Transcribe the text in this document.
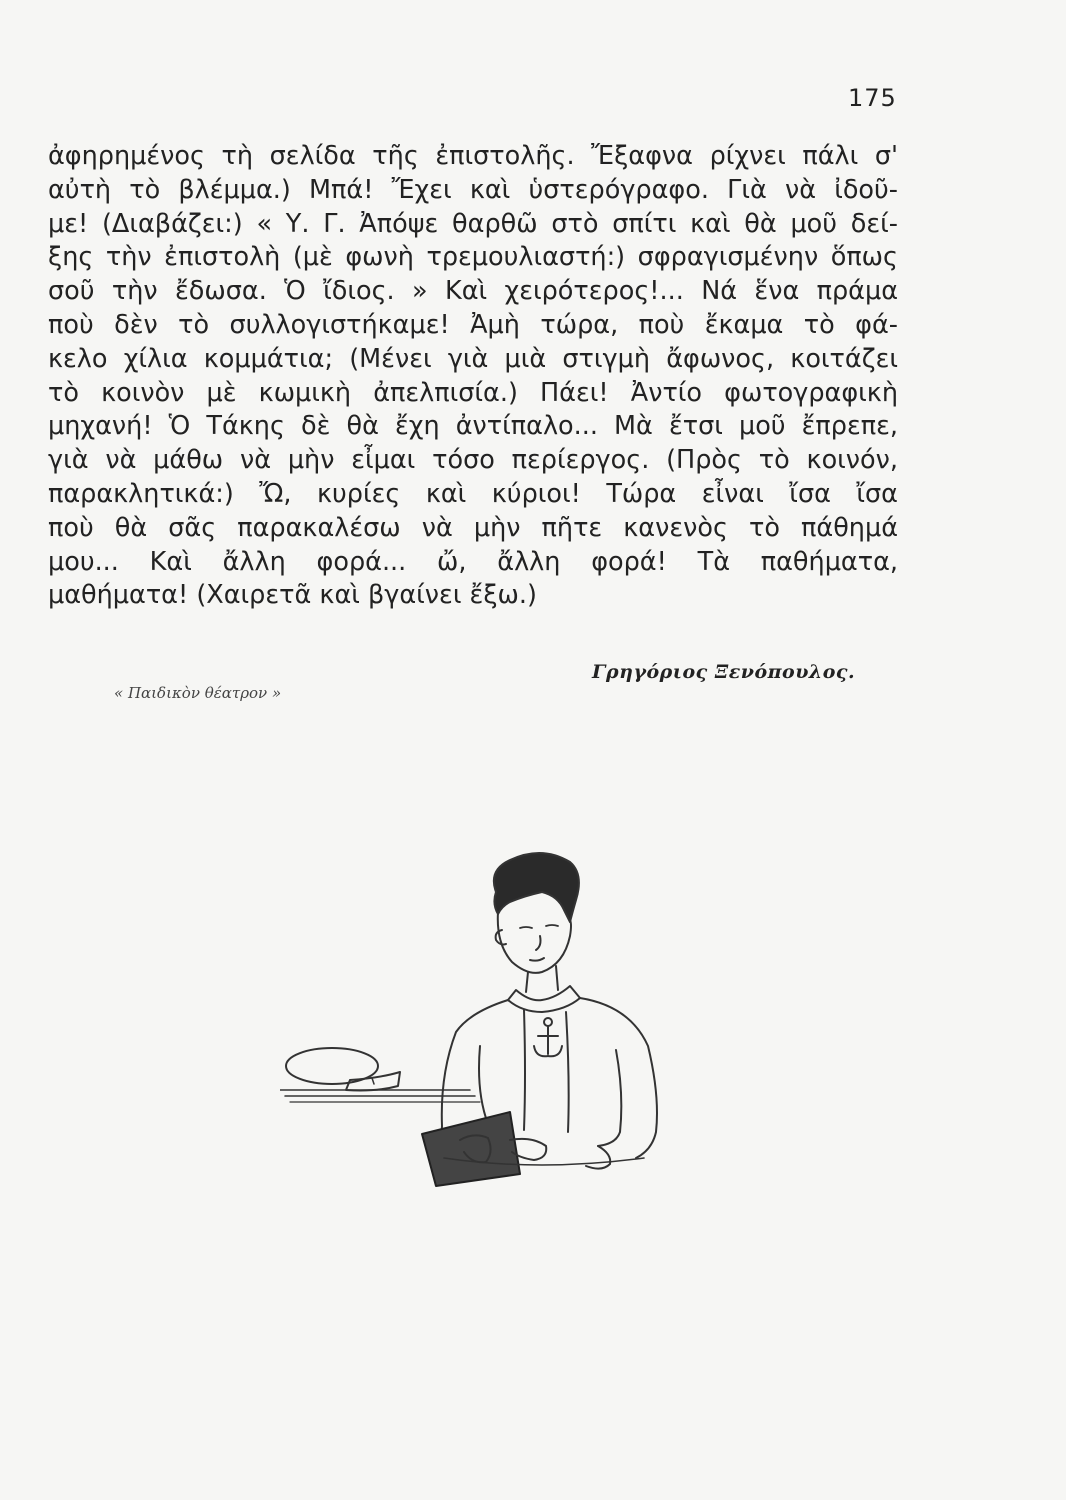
175
ἀφηρημένος τὴ σελίδα τῆς ἐπιστολῆς. Ἔξαφνα ρίχνει πάλι σ'
αὐτὴ τὸ βλέμμα.) Μπά! Ἔχει καὶ ὑστερόγραφο. Γιὰ νὰ ἰδοῦ-
με! (Διαβάζει:) « Υ. Γ. Ἀπόψε θαρθῶ στὸ σπίτι καὶ θὰ μοῦ δεί-
ξης τὴν ἐπιστολὴ (μὲ φωνὴ τρεμουλιαστή:) σφραγισμένην ὅπως
σοῦ τὴν ἔδωσα. Ὁ ἴδιος. » Καὶ χειρότερος!... Νά ἕνα πράμα
ποὺ δὲν τὸ συλλογιστήκαμε! Ἀμὴ τώρα, ποὺ ἔκαμα τὸ φά-
κελο χίλια κομμάτια; (Μένει γιὰ μιὰ στιγμὴ ἄφωνος, κοιτάζει
τὸ κοινὸν μὲ κωμικὴ ἀπελπισία.) Πάει! Ἀντίο φωτογραφικὴ
μηχανή! Ὁ Τάκης δὲ θὰ ἔχη ἀντίπαλο... Μὰ ἔτσι μοῦ ἔπρεπε,
γιὰ νὰ μάθω νὰ μὴν εἶμαι τόσο περίεργος. (Πρὸς τὸ κοινόν,
παρακλητικά:) Ὤ, κυρίες καὶ κύριοι! Τώρα εἶναι ἴσα ἴσα
ποὺ θὰ σᾶς παρακαλέσω νὰ μὴν πῆτε κανενὸς τὸ πάθημά
μου... Καὶ ἄλλη φορά... ὤ, ἄλλη φορά! Τὰ παθήματα,
μαθήματα! (Χαιρετᾶ καὶ βγαίνει ἔξω.)
Γρηγόριος Ξενόπουλος.
« Παιδικὸν θέατρον »
